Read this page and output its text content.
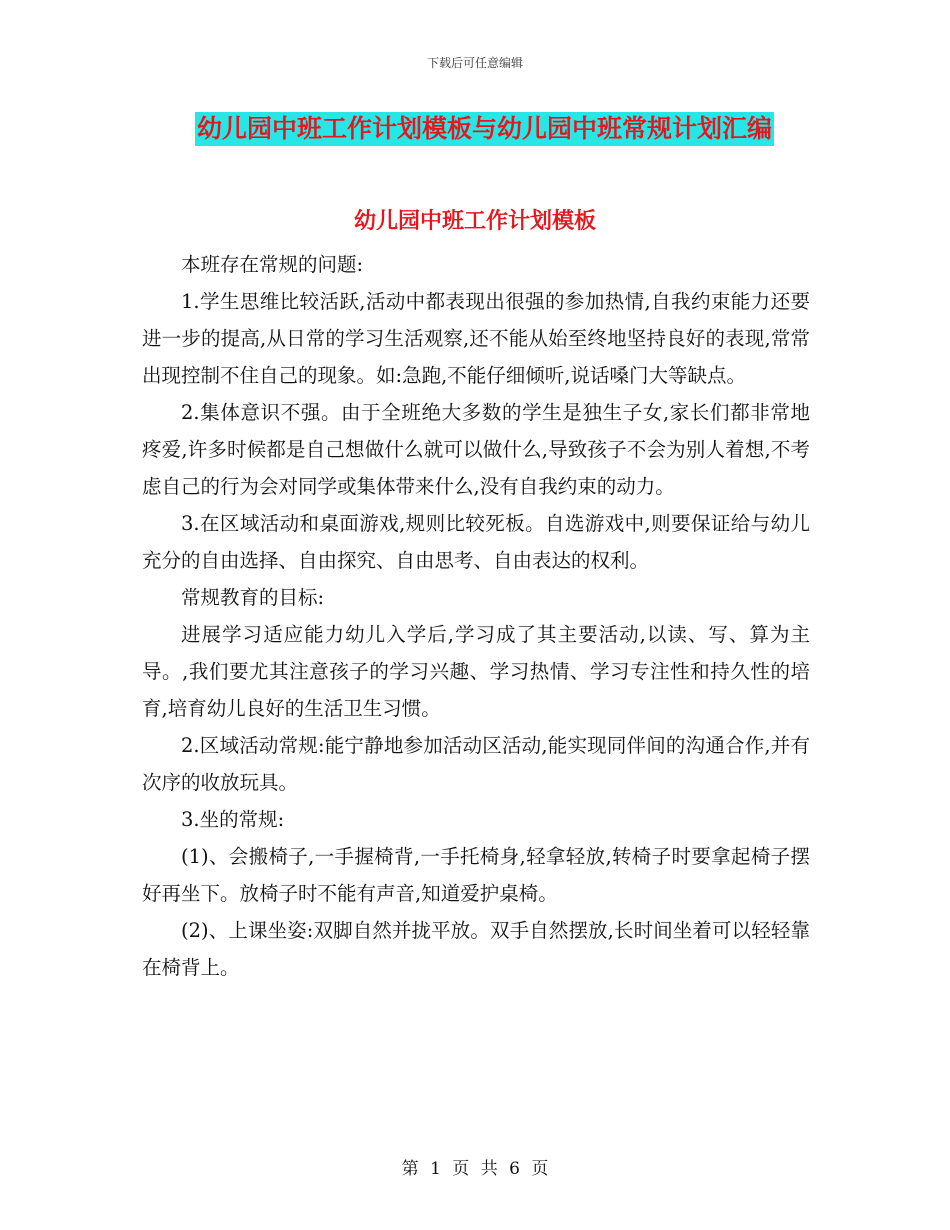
下载后可任意编辑
幼儿园中班工作计划模板与幼儿园中班常规计划汇编
幼儿园中班工作计划模板

本班存在常规的问题:

1.学生思维比较活跃,活动中都表现出很强的参加热情,自我约束能力还要进一步的提高,从日常的学习生活观察,还不能从始至终地坚持良好的表现,常常出现控制不住自己的现象。如:急跑,不能仔细倾听,说话嗓门大等缺点。

2.集体意识不强。由于全班绝大多数的学生是独生子女,家长们都非常地疼爱,许多时候都是自己想做什么就可以做什么,导致孩子不会为别人着想,不考虑自己的行为会对同学或集体带来什么,没有自我约束的动力。

3.在区域活动和桌面游戏,规则比较死板。自选游戏中,则要保证给与幼儿充分的自由选择、自由探究、自由思考、自由表达的权利。

常规教育的目标:

进展学习适应能力幼儿入学后,学习成了其主要活动,以读、写、算为主导。,我们要尤其注意孩子的学习兴趣、学习热情、学习专注性和持久性的培育,培育幼儿良好的生活卫生习惯。

2.区域活动常规:能宁静地参加活动区活动,能实现同伴间的沟通合作,并有次序的收放玩具。

3.坐的常规:

(1)、会搬椅子,一手握椅背,一手托椅身,轻拿轻放,转椅子时要拿起椅子摆好再坐下。放椅子时不能有声音,知道爱护桌椅。

(2)、上课坐姿:双脚自然并拢平放。双手自然摆放,长时间坐着可以轻轻靠在椅背上。

第 1 页 共 6 页
